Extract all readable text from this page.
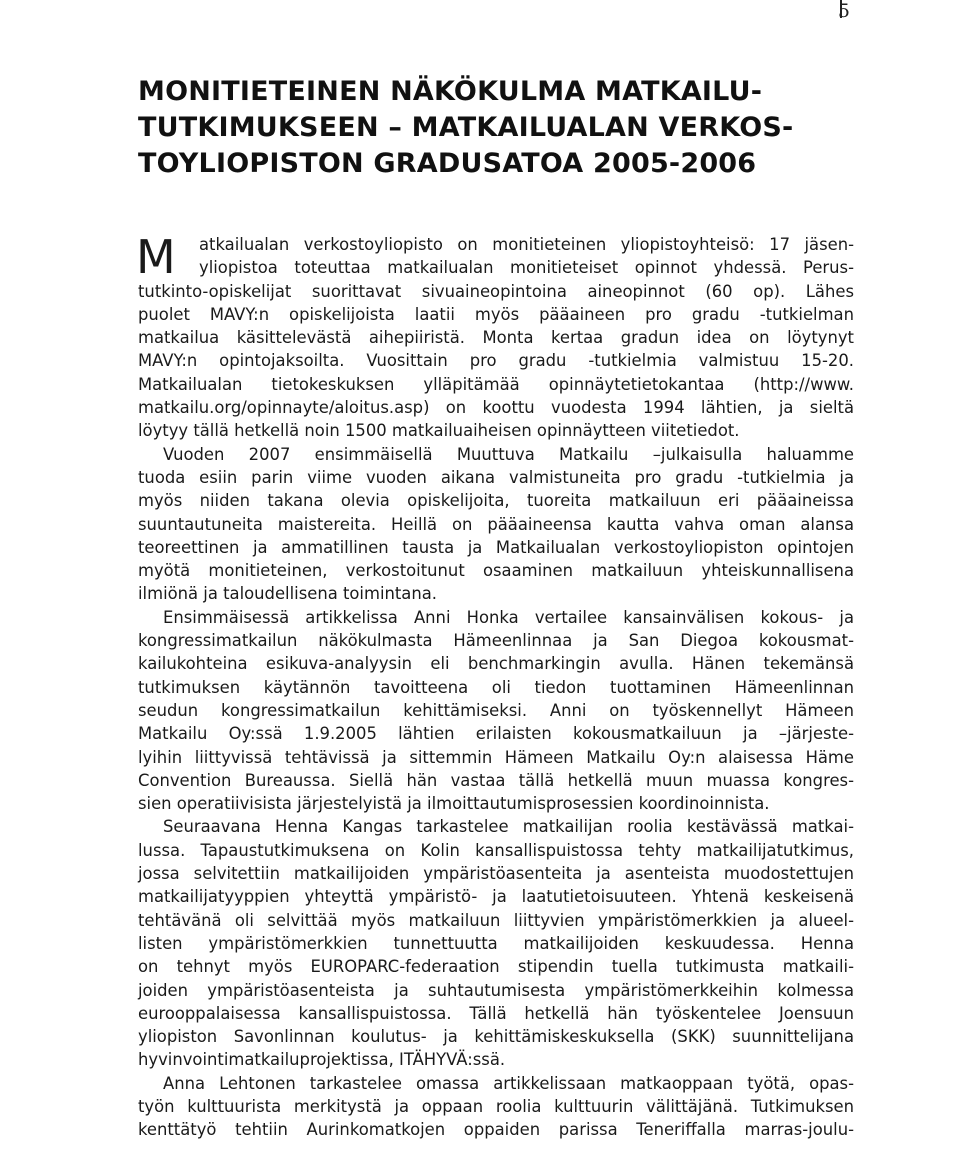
5
MONITIETEINEN NÄKÖKULMA MATKAILU-
TUTKIMUKSEEN – MATKAILUALAN VERKOS-
TOYLIOPISTON GRADUSATOA 2005-2006
M	atkailualan verkostoyliopisto on monitieteinen yliopistoyhteisö: 17 jäsen-
yliopistoa toteuttaa matkailualan monitieteiset opinnot yhdessä. Perus-
tutkinto-opiskelijat suorittavat sivuaineopintoina aineopinnot (60 op). Lähes
puolet MAVY:n opiskelijoista laatii myös pääaineen pro gradu -tutkielman
matkailua käsittelevästä aihepiiristä. Monta kertaa gradun idea on löytynyt
MAVY:n opintojaksoilta. Vuosittain pro gradu -tutkielmia valmistuu 15-20.
Matkailualan tietokeskuksen ylläpitämää opinnäytetietokantaa (http://www.
matkailu.org/opinnayte/aloitus.asp) on koottu vuodesta 1994 lähtien, ja sieltä
löytyy tällä hetkellä noin 1500 matkailuaiheisen opinnäytteen viitetiedot.
Vuoden 2007 ensimmäisellä Muuttuva Matkailu –julkaisulla haluamme
tuoda esiin parin viime vuoden aikana valmistuneita pro gradu -tutkielmia ja
myös niiden takana olevia opiskelijoita, tuoreita matkailuun eri pääaineissa
suuntautuneita maistereita. Heillä on pääaineensa kautta vahva oman alansa
teoreettinen ja ammatillinen tausta ja Matkailualan verkostoyliopiston opintojen
myötä monitieteinen, verkostoitunut osaaminen matkailuun yhteiskunnallisena
ilmiönä ja taloudellisena toimintana.
Ensimmäisessä artikkelissa Anni Honka vertailee kansainvälisen kokous- ja
kongressimatkailun näkökulmasta Hämeenlinnaa ja San Diegoa kokousmat-
kailukohteina esikuva-analyysin eli benchmarkingin avulla. Hänen tekemänsä
tutkimuksen käytännön tavoitteena oli tiedon tuottaminen Hämeenlinnan
seudun kongressimatkailun kehittämiseksi. Anni on työskennellyt Hämeen
Matkailu Oy:ssä 1.9.2005 lähtien erilaisten kokousmatkailuun ja –järjeste-
lyihin liittyvissä tehtävissä ja sittemmin Hämeen Matkailu Oy:n alaisessa Häme
Convention Bureaussa. Siellä hän vastaa tällä hetkellä muun muassa kongres-
sien operatiivisista järjestelyistä ja ilmoittautumisprosessien koordinoinnista.
Seuraavana Henna Kangas tarkastelee matkailijan roolia kestävässä matkai-
lussa. Tapaustutkimuksena on Kolin kansallispuistossa tehty matkailijatutkimus,
jossa selvitettiin matkailijoiden ympäristöasenteita ja asenteista muodostettujen
matkailijatyyppien yhteyttä ympäristö- ja laatutietoisuuteen. Yhtenä keskeisenä
tehtävänä oli selvittää myös matkailuun liittyvien ympäristömerkkien ja alueel-
listen ympäristömerkkien tunnettuutta matkailijoiden keskuudessa. Henna
on tehnyt myös EUROPARC-federaation stipendin tuella tutkimusta matkaili-
joiden ympäristöasenteista ja suhtautumisesta ympäristömerkkeihin kolmessa
eurooppalaisessa kansallispuistossa. Tällä hetkellä hän työskentelee Joensuun
yliopiston Savonlinnan koulutus- ja kehittämiskeskuksella (SKK) suunnittelijana
hyvinvointimatkailuprojektissa, ITÄHYVÄ:ssä.
Anna Lehtonen tarkastelee omassa artikkelissaan matkaoppaan työtä, opas-
työn kulttuurista merkitystä ja oppaan roolia kulttuurin välittäjänä. Tutkimuksen
kenttätyö tehtiin Aurinkomatkojen oppaiden parissa Teneriffalla marras-joulu-
